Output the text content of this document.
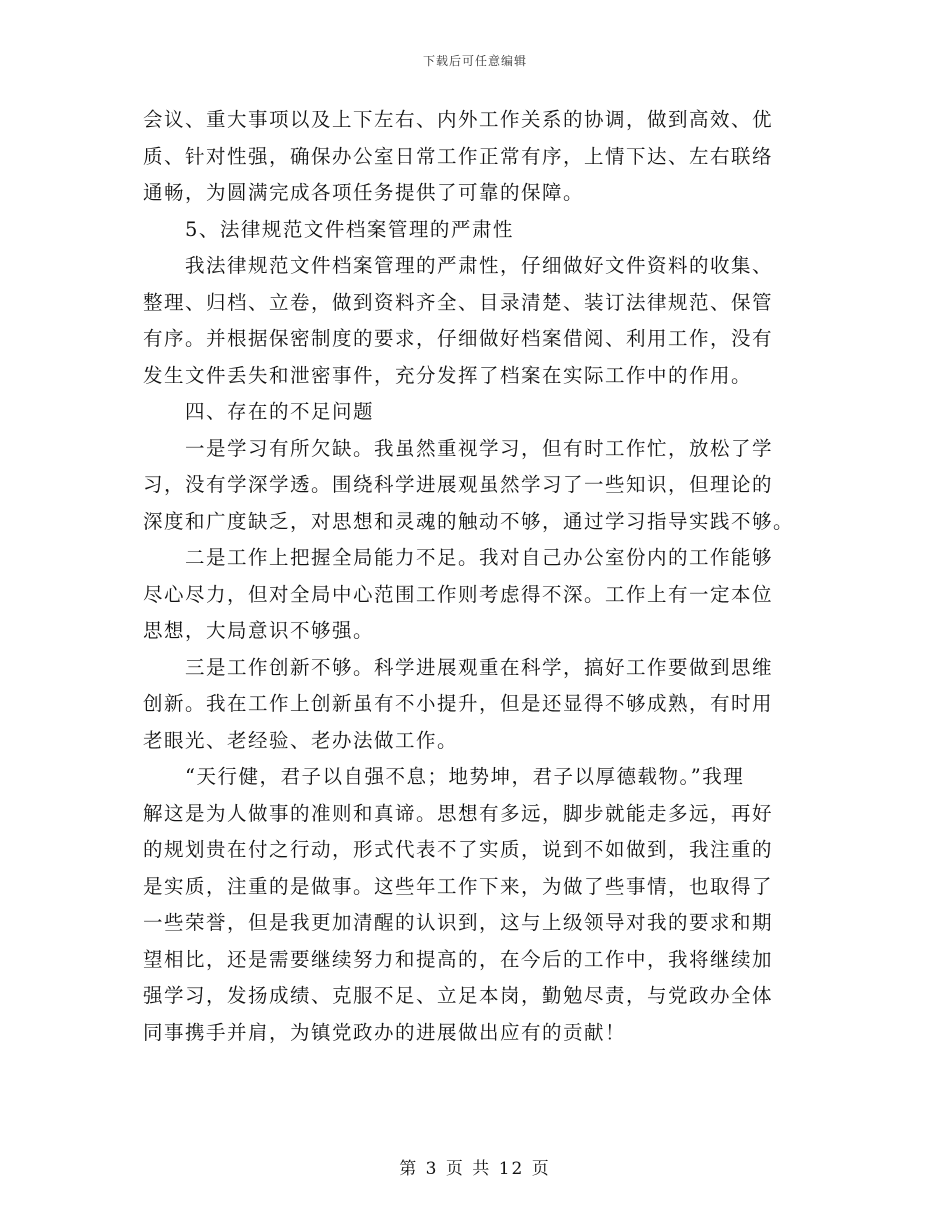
下载后可任意编辑
会议、重大事项以及上下左右、内外工作关系的协调，做到高效、优
质、针对性强，确保办公室日常工作正常有序，上情下达、左右联络
通畅，为圆满完成各项任务提供了可靠的保障。
5、法律规范文件档案管理的严肃性
我法律规范文件档案管理的严肃性，仔细做好文件资料的收集、
整理、归档、立卷，做到资料齐全、目录清楚、装订法律规范、保管
有序。并根据保密制度的要求，仔细做好档案借阅、利用工作，没有
发生文件丢失和泄密事件，充分发挥了档案在实际工作中的作用。
四、存在的不足问题
一是学习有所欠缺。我虽然重视学习，但有时工作忙，放松了学
习，没有学深学透。围绕科学进展观虽然学习了一些知识，但理论的
深度和广度缺乏，对思想和灵魂的触动不够，通过学习指导实践不够。
二是工作上把握全局能力不足。我对自己办公室份内的工作能够
尽心尽力，但对全局中心范围工作则考虑得不深。工作上有一定本位
思想，大局意识不够强。
三是工作创新不够。科学进展观重在科学，搞好工作要做到思维
创新。我在工作上创新虽有不小提升，但是还显得不够成熟，有时用
老眼光、老经验、老办法做工作。
“天行健，君子以自强不息；地势坤，君子以厚德载物。”我理
解这是为人做事的准则和真谛。思想有多远，脚步就能走多远，再好
的规划贵在付之行动，形式代表不了实质，说到不如做到，我注重的
是实质，注重的是做事。这些年工作下来，为做了些事情，也取得了
一些荣誉，但是我更加清醒的认识到，这与上级领导对我的要求和期
望相比，还是需要继续努力和提高的，在今后的工作中，我将继续加
强学习，发扬成绩、克服不足、立足本岗，勤勉尽责，与党政办全体
同事携手并肩，为镇党政办的进展做出应有的贡献！
第 3 页 共 12 页
